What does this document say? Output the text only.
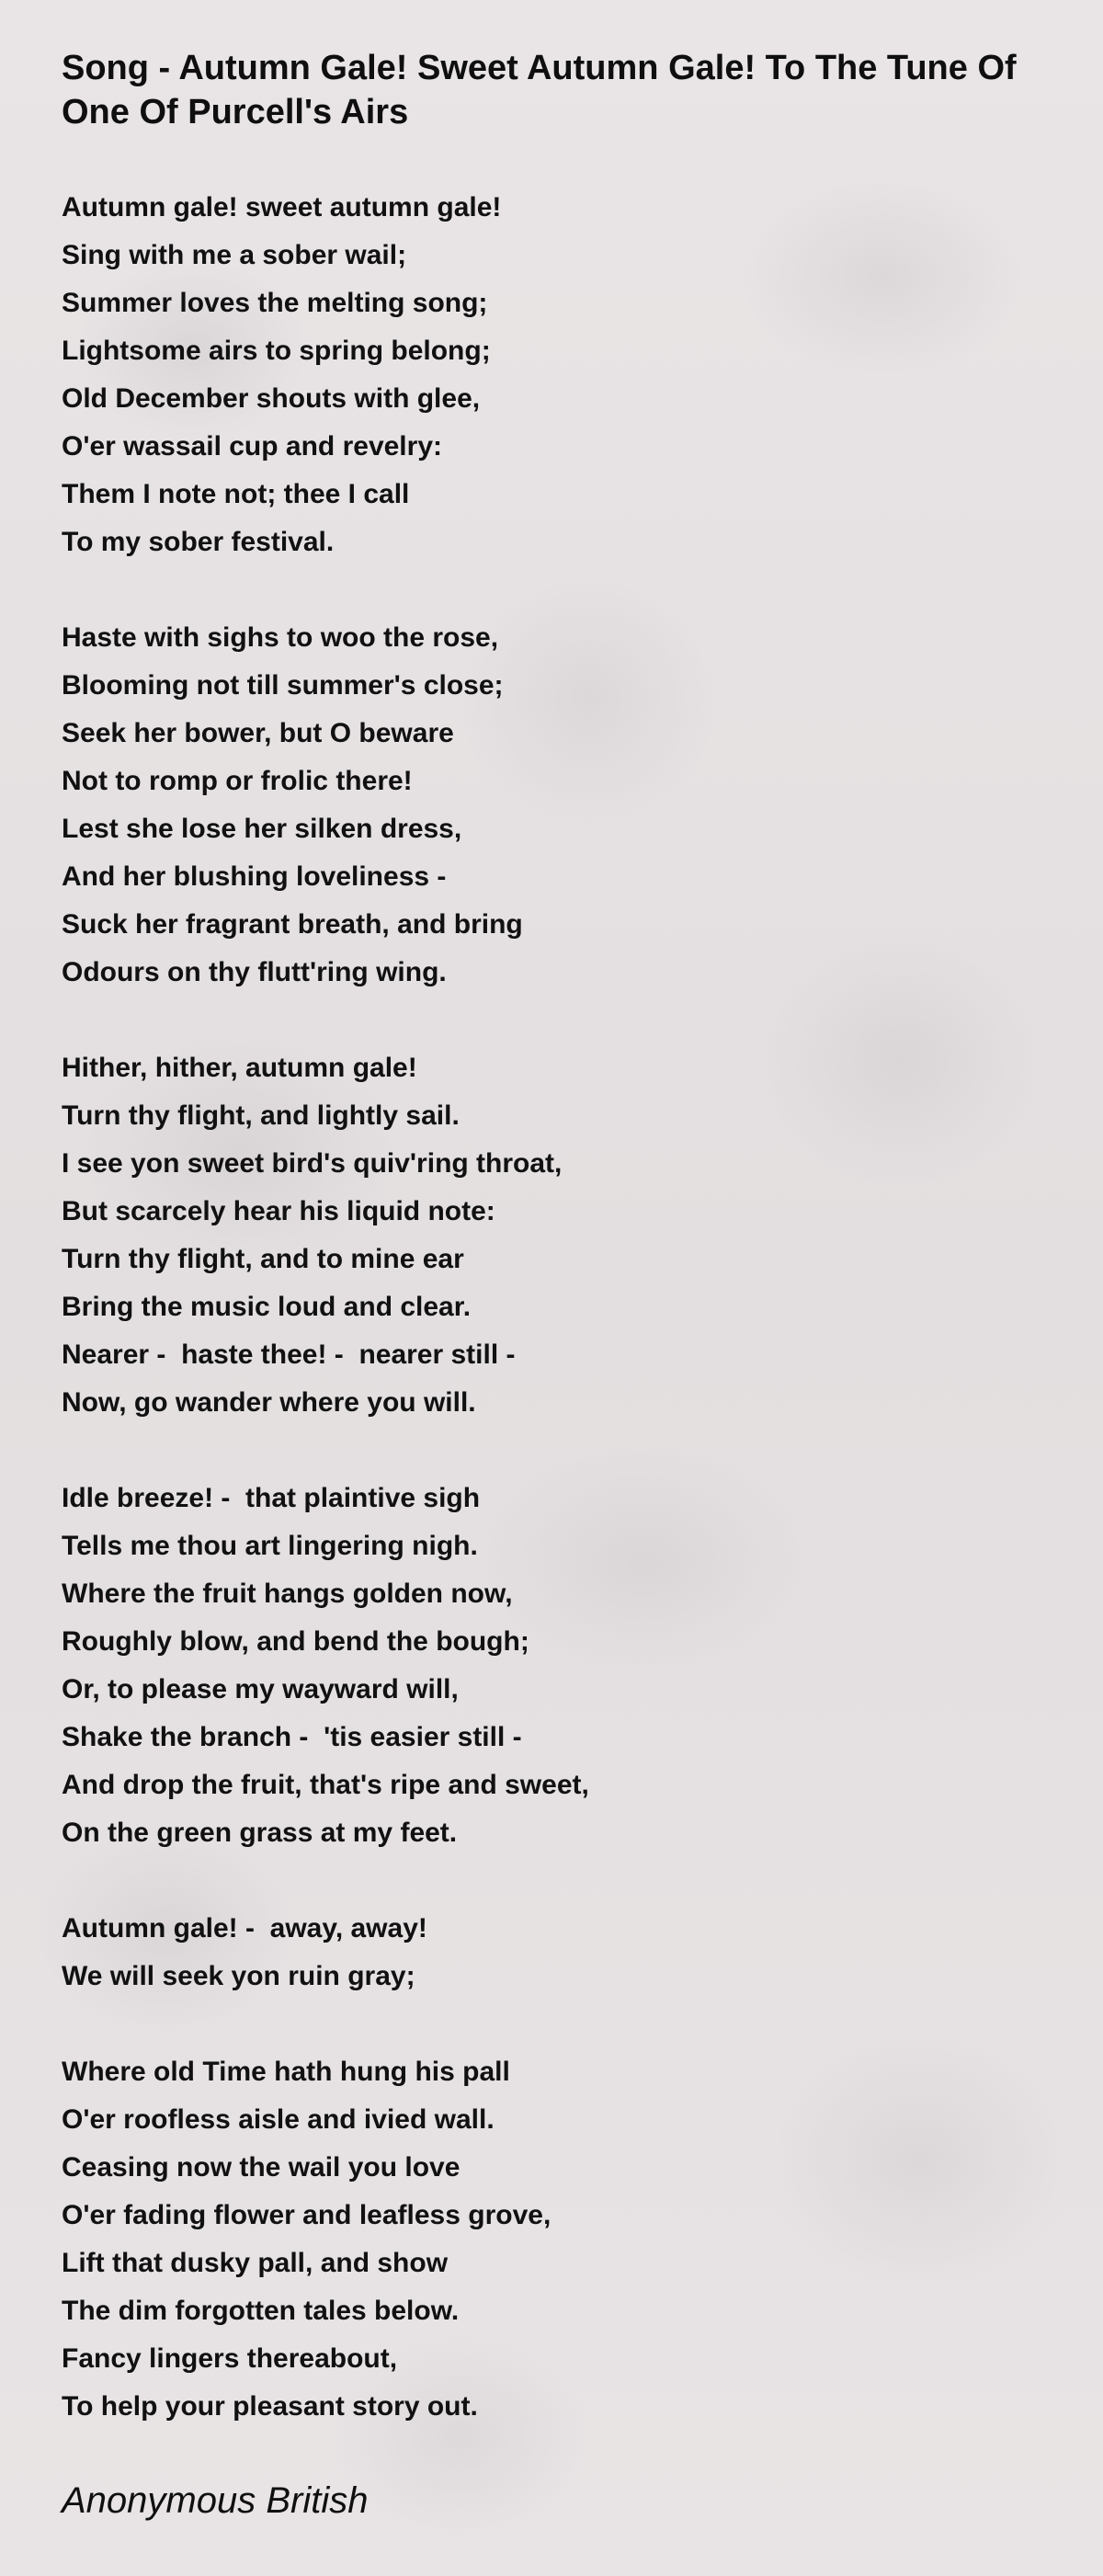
Song - Autumn Gale! Sweet Autumn Gale! To The Tune Of One Of Purcell's Airs
Autumn gale! sweet autumn gale!
Sing with me a sober wail;
Summer loves the melting song;
Lightsome airs to spring belong;
Old December shouts with glee,
O'er wassail cup and revelry:
Them I note not; thee I call
To my sober festival.
Haste with sighs to woo the rose,
Blooming not till summer's close;
Seek her bower, but O beware
Not to romp or frolic there!
Lest she lose her silken dress,
And her blushing loveliness -
Suck her fragrant breath, and bring
Odours on thy flutt'ring wing.
Hither, hither, autumn gale!
Turn thy flight, and lightly sail.
I see yon sweet bird's quiv'ring throat,
But scarcely hear his liquid note:
Turn thy flight, and to mine ear
Bring the music loud and clear.
Nearer -  haste thee! -  nearer still -
Now, go wander where you will.
Idle breeze! -  that plaintive sigh
Tells me thou art lingering nigh.
Where the fruit hangs golden now,
Roughly blow, and bend the bough;
Or, to please my wayward will,
Shake the branch -  'tis easier still -
And drop the fruit, that's ripe and sweet,
On the green grass at my feet.
Autumn gale! -  away, away!
We will seek yon ruin gray;
Where old Time hath hung his pall
O'er roofless aisle and ivied wall.
Ceasing now the wail you love
O'er fading flower and leafless grove,
Lift that dusky pall, and show
The dim forgotten tales below.
Fancy lingers thereabout,
To help your pleasant story out.
Anonymous British
